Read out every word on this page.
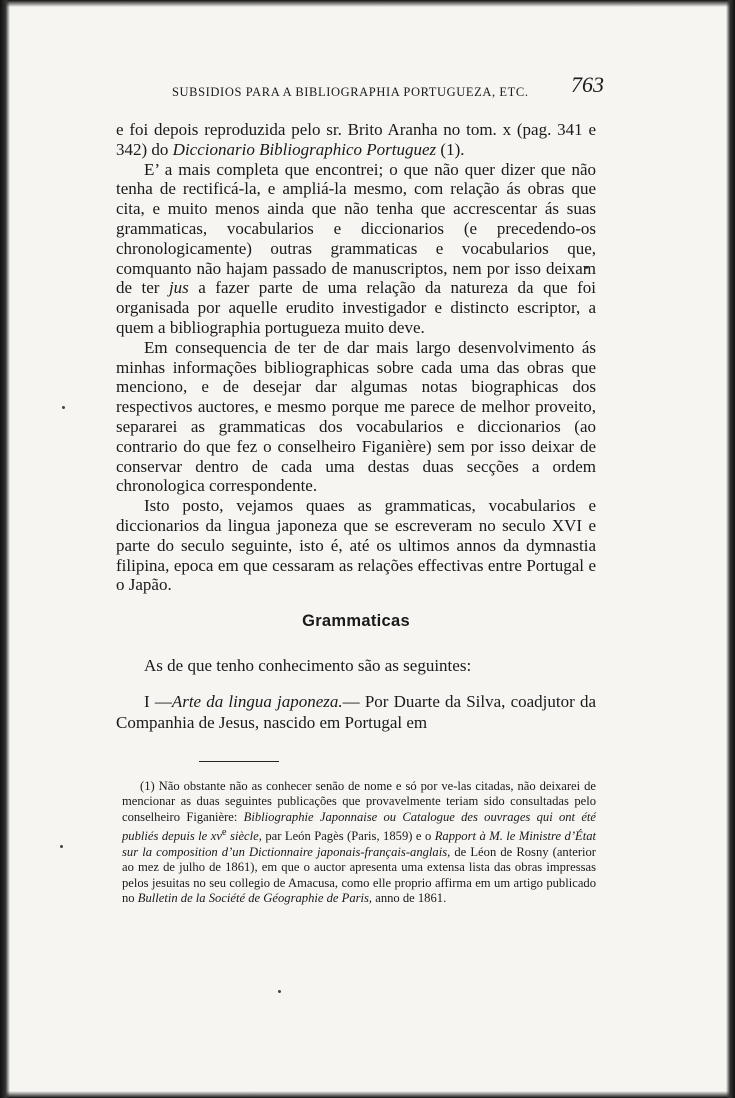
SUBSIDIOS PARA A BIBLIOGRAPHIA PORTUGUEZA, ETC. 763

e foi depois reproduzida pelo sr. Brito Aranha no tom. x (pag. 341 e 342) do Diccionario Bibliographico Portuguez (1).

E’ a mais completa que encontrei; o que não quer dizer que não tenha de rectificá-la, e ampliá-la mesmo, com relação ás obras que cita, e muito menos ainda que não tenha que accrescentar ás suas grammaticas, vocabularios e diccionarios (e precedendo-os chronologicamente) outras grammaticas e vocabularios que, comquanto não hajam passado de manuscriptos, nem por isso deixam de ter jus a fazer parte de uma relação da natureza da que foi organisada por aquelle erudito investigador e distincto escriptor, a quem a bibliographia portugueza muito deve.

Em consequencia de ter de dar mais largo desenvolvimento ás minhas informações bibliographicas sobre cada uma das obras que menciono, e de desejar dar algumas notas biographicas dos respectivos auctores, e mesmo porque me parece de melhor proveito, separarei as grammaticas dos vocabularios e diccionarios (ao contrario do que fez o conselheiro Figanière) sem por isso deixar de conservar dentro de cada uma destas duas secções a ordem chronologica correspondente.

Isto posto, vejamos quaes as grammaticas, vocabularios e diccionarios da lingua japoneza que se escreveram no seculo XVI e parte do seculo seguinte, isto é, até os ultimos annos da dymnastia filipina, epoca em que cessaram as relações effectivas entre Portugal e o Japão.

Grammaticas
As de que tenho conhecimento são as seguintes:
I —Arte da lingua japoneza.— Por Duarte da Silva, coadjutor da Companhia de Jesus, nascido em Portugal em
(1) Não obstante não as conhecer senão de nome e só por ve-las citadas, não deixarei de mencionar as duas seguintes publicações que provavelmente teriam sido consultadas pelo conselheiro Figanière: Bibliographie Japonnaise ou Catalogue des ouvrages qui ont été publiés depuis le $xv^e$ siècle, par León Pagès (Paris, 1859) e o Rapport à M. le Ministre d’État sur la composition d’un Dictionnaire japonais-français-anglais, de Léon de Rosny (anterior ao mez de julho de 1861), em que o auctor apresenta uma extensa lista das obras impressas pelos jesuitas no seu collegio de Amacusa, como elle proprio affirma em um artigo publicado no Bulletin de la Société de Géographie de Paris, anno de 1861.
